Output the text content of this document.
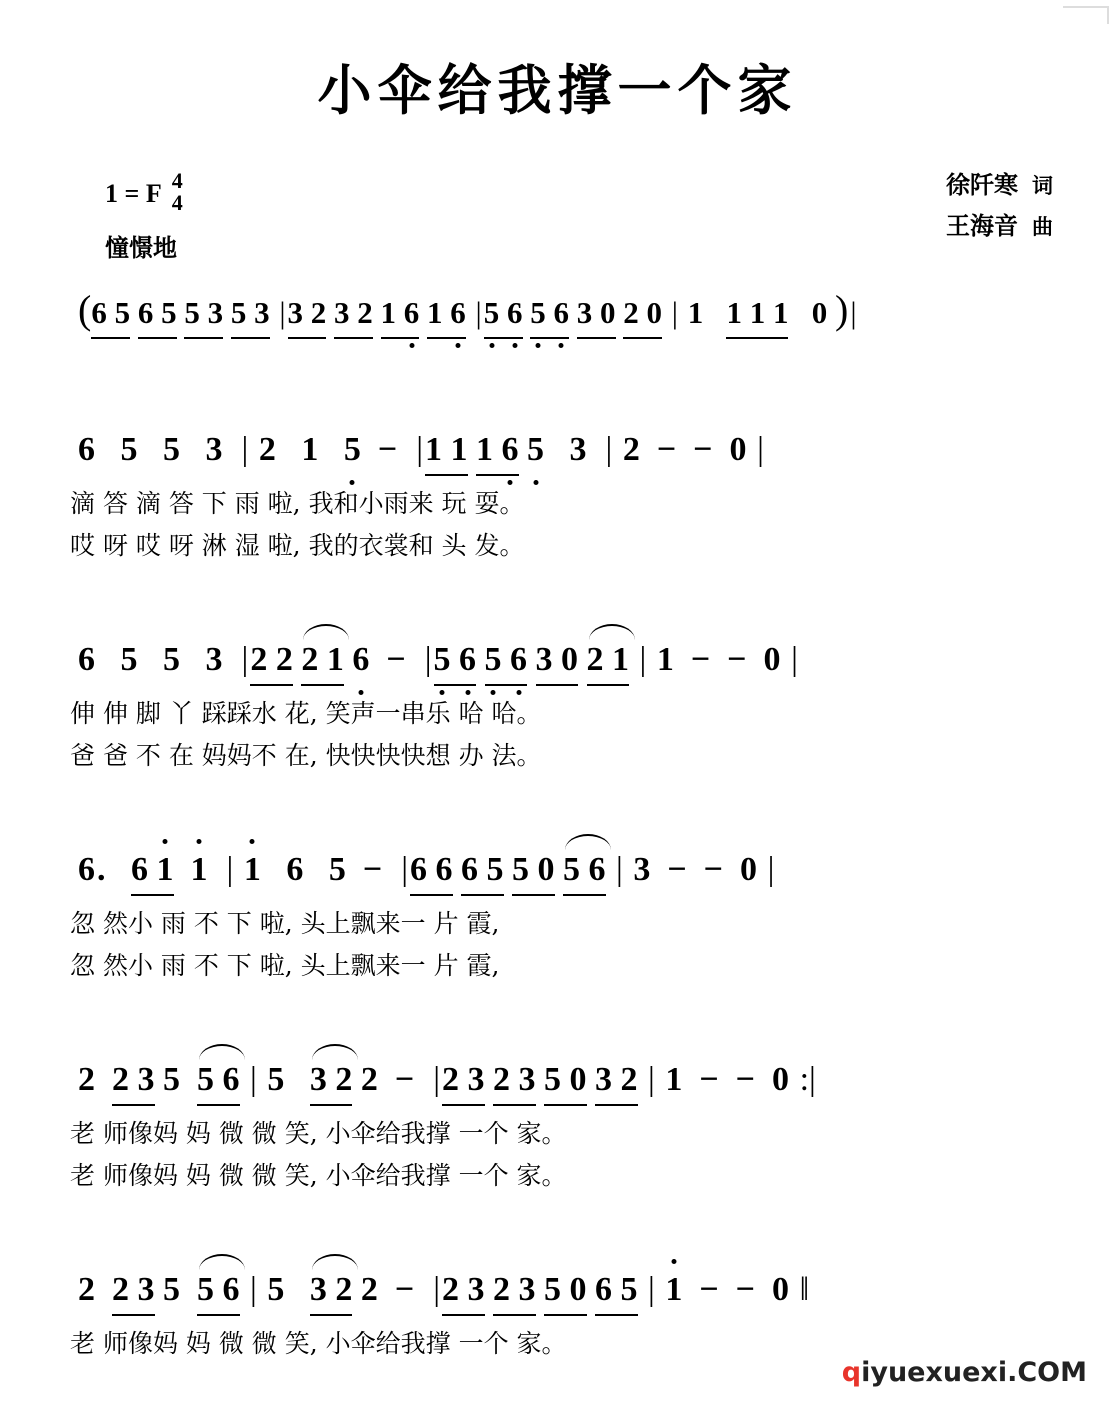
小伞给我撑一个家
1 = F 4
4
憧憬地
徐阡寒 词
王海音 曲
(6 5 6 5 5 3 5 3 |3 2 3 2 1 6 1 6 |5 6 5 6 3 0 2 0 | 1   1 1 1   0 )|
6   5   5   3  | 2   1   5  −  |1 1 1 6 5   3  | 2  −  −  0 |
滴 答 滴 答 下 雨 啦, 我和小雨来 玩 耍。
哎 呀 哎 呀 淋 湿 啦, 我的衣裳和 头 发。
6   5   5   3  |2 2 2 1 6  −  |5 6 5 6 3 0 2 1 | 1  −  −  0 |
伸 伸 脚 丫 踩踩水 花, 笑声一串乐 哈 哈。
爸 爸 不 在 妈妈不 在, 快快快快想 办 法。
6. 6 1 1 | 1   6   5  −  |6 6 6 5 5 0 5 6 | 3  −  −  0 |
忽 然小 雨 不 下 啦, 头上飘来一 片 霞,
忽 然小 雨 不 下 啦, 头上飘来一 片 霞,
2  2 3 5
5 6 | 5
3 2 2  −  |2 3 2 3 5 0 3 2 | 1  −  −  0 :|
老 师像妈 妈 微 微 笑, 小伞给我撑 一个 家。
老 师像妈 妈 微 微 笑, 小伞给我撑 一个 家。
2  2 3 5
5 6 | 5
3 2 2  −  |2 3 2 3 5 0 6 5 | 1  −  −  0 ‖
老 师像妈 妈 微 微 笑, 小伞给我撑 一个 家。
qiyuexuexi.COM
